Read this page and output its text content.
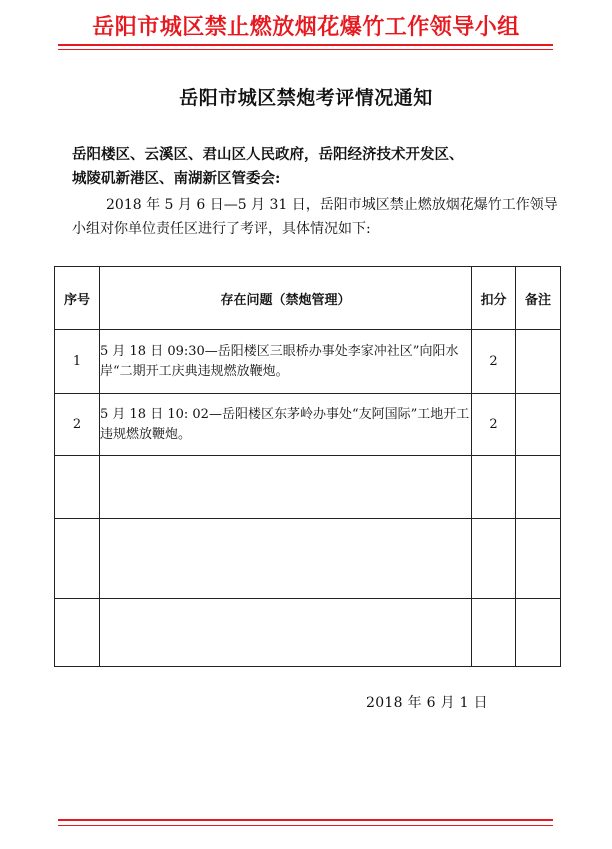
岳阳市城区禁止燃放烟花爆竹工作领导小组
岳阳市城区禁炮考评情况通知
岳阳楼区、云溪区、君山区人民政府，岳阳经济技术开发区、
城陵矶新港区、南湖新区管委会:
2018 年 5 月 6 日—5 月 31 日，岳阳市城区禁止燃放烟花爆竹工作领导小组对你单位责任区进行了考评，具体情况如下:
序号	存在问题（禁炮管理）	扣分	备注
1	5 月 18 日 09:30—岳阳楼区三眼桥办事处李家冲社区”向阳水岸“二期开工庆典违规燃放鞭炮。	2	
2	5 月 18 日 10: 02—岳阳楼区东茅岭办事处“友阿国际”工地开工违规燃放鞭炮。	2	

2018 年 6 月 1 日
